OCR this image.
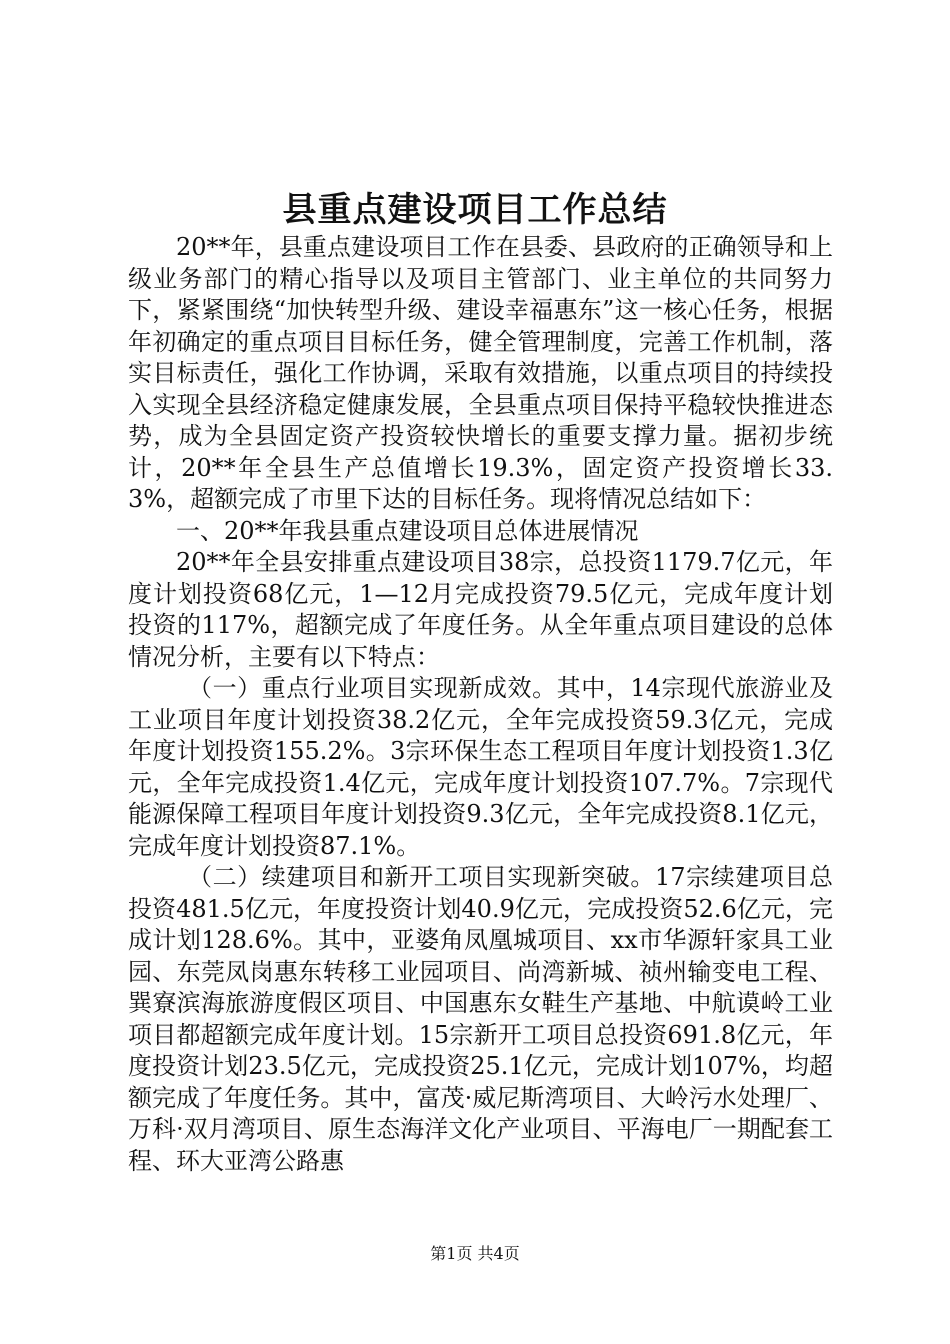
县重点建设项目工作总结

20**年，县重点建设项目工作在县委、县政府的正确领导和上级业务部门的精心指导以及项目主管部门、业主单位的共同努力下，紧紧围绕“加快转型升级、建设幸福惠东”这一核心任务，根据年初确定的重点项目目标任务，健全管理制度，完善工作机制，落实目标责任，强化工作协调，采取有效措施，以重点项目的持续投入实现全县经济稳定健康发展，全县重点项目保持平稳较快推进态势，成为全县固定资产投资较快增长的重要支撑力量。据初步统计，20**年全县生产总值增长19.3%，固定资产投资增长33.3%，超额完成了市里下达的目标任务。现将情况总结如下：

一、20**年我县重点建设项目总体进展情况

20**年全县安排重点建设项目38宗，总投资1179.7亿元，年度计划投资68亿元，1—12月完成投资79.5亿元，完成年度计划投资的117%，超额完成了年度任务。从全年重点项目建设的总体情况分析，主要有以下特点：

（一）重点行业项目实现新成效。其中，14宗现代旅游业及工业项目年度计划投资38.2亿元，全年完成投资59.3亿元，完成年度计划投资155.2%。3宗环保生态工程项目年度计划投资1.3亿元，全年完成投资1.4亿元，完成年度计划投资107.7%。7宗现代能源保障工程项目年度计划投资9.3亿元，全年完成投资8.1亿元，完成年度计划投资87.1%。

（二）续建项目和新开工项目实现新突破。17宗续建项目总投资481.5亿元，年度投资计划40.9亿元，完成投资52.6亿元，完成计划128.6%。其中，亚婆角凤凰城项目、xx市华源轩家具工业园、东莞凤岗惠东转移工业园项目、尚湾新城、祯州输变电工程、巽寮滨海旅游度假区项目、中国惠东女鞋生产基地、中航谟岭工业项目都超额完成年度计划。15宗新开工项目总投资691.8亿元，年度投资计划23.5亿元，完成投资25.1亿元，完成计划107%，均超额完成了年度任务。其中，富茂·威尼斯湾项目、大岭污水处理厂、万科·双月湾项目、原生态海洋文化产业项目、平海电厂一期配套工程、环大亚湾公路惠

第1页 共4页
